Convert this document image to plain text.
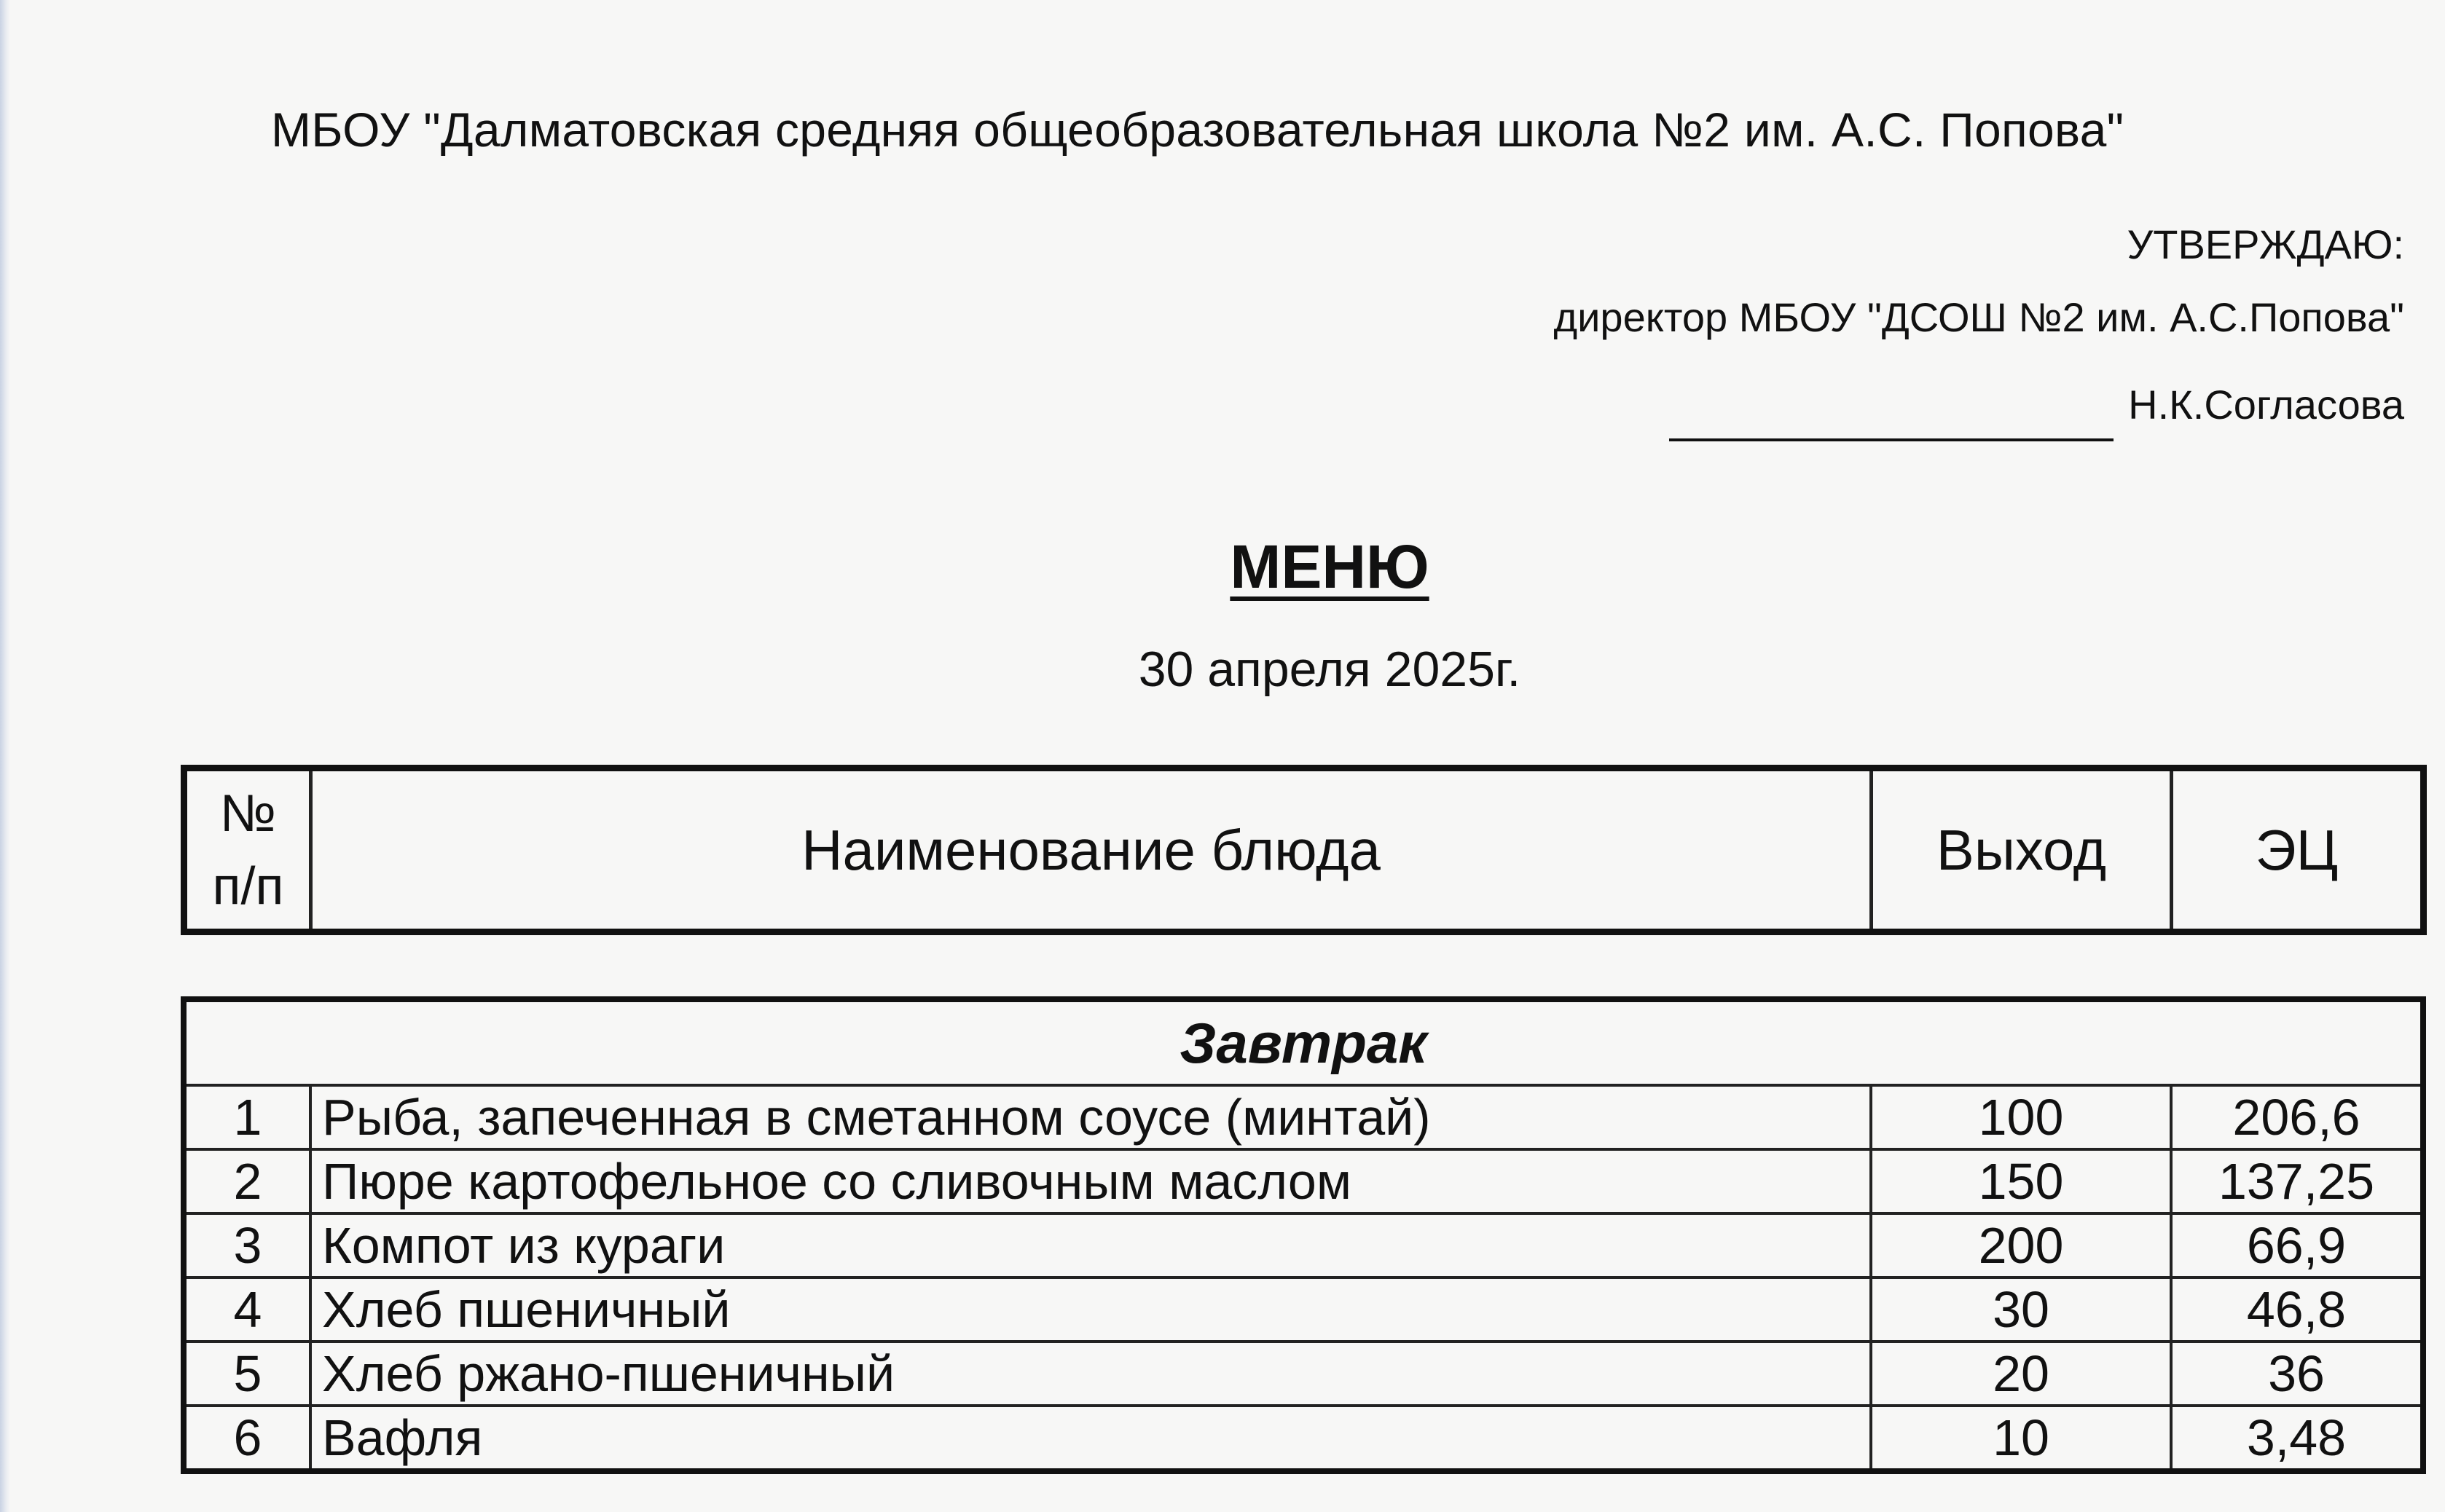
МБОУ "Далматовская средняя общеобразовательная школа №2 им. А.С. Попова"
УТВЕРЖДАЮ:
директор МБОУ "ДСОШ №2 им. А.С.Попова"
Н.К.Согласова
МЕНЮ
30 апреля 2025г.
№
п/п
	Наименование блюда	Выход	ЭЦ
Завтрак			
1	Рыба, запеченная в сметанном соусе (минтай)	100	206,6
2	Пюре картофельное со сливочным маслом	150	137,25
3	Компот из кураги	200	66,9
4	Хлеб пшеничный	30	46,8
5	Хлеб ржано-пшеничный	20	36
6	Вафля	10	3,48
